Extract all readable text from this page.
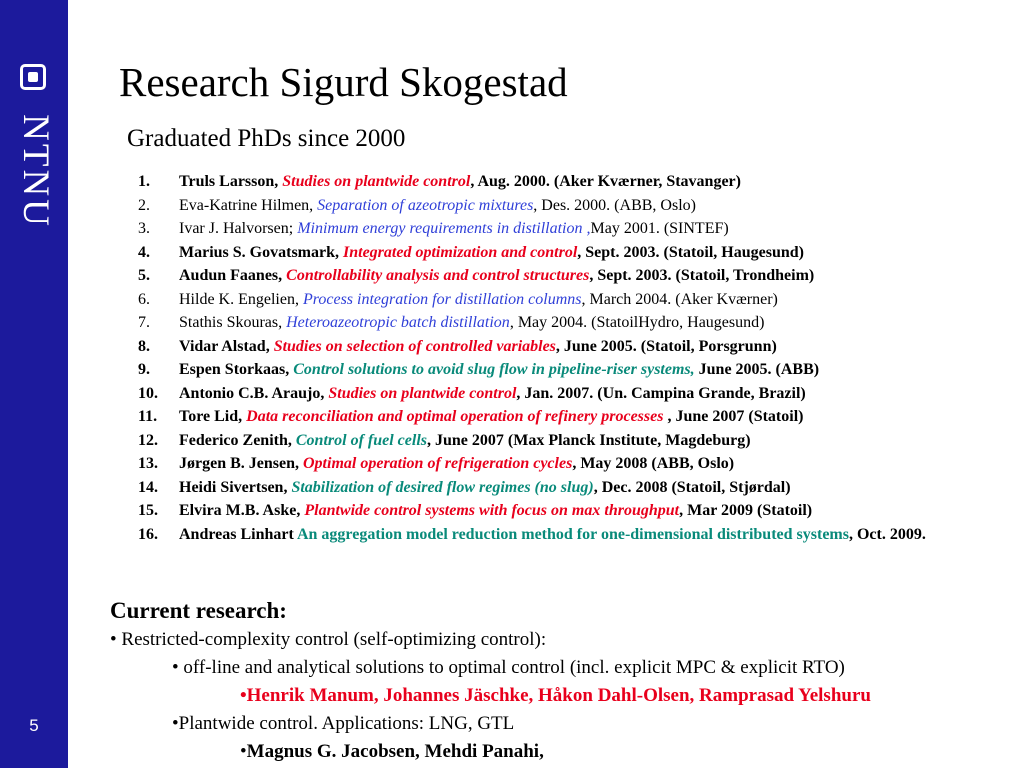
NTNU
5
Research Sigurd Skogestad
Graduated PhDs since 2000
1. Truls Larsson, Studies on plantwide control, Aug. 2000. (Aker Kværner, Stavanger)
2. Eva-Katrine Hilmen, Separation of azeotropic mixtures, Des. 2000. (ABB, Oslo)
3. Ivar J. Halvorsen; Minimum energy requirements in distillation ,May 2001. (SINTEF)
4. Marius S. Govatsmark, Integrated optimization and control, Sept. 2003. (Statoil, Haugesund)
5. Audun Faanes, Controllability analysis and control structures, Sept. 2003. (Statoil, Trondheim)
6. Hilde K. Engelien, Process integration for distillation columns, March 2004. (Aker Kværner)
7. Stathis Skouras, Heteroazeotropic batch distillation, May 2004. (StatoilHydro, Haugesund)
8. Vidar Alstad, Studies on selection of controlled variables, June 2005. (Statoil, Porsgrunn)
9. Espen Storkaas, Control solutions to avoid slug flow in pipeline-riser systems, June 2005. (ABB)
10. Antonio C.B. Araujo, Studies on plantwide control, Jan. 2007. (Un. Campina Grande, Brazil)
11. Tore Lid, Data reconciliation and optimal operation of refinery processes , June 2007 (Statoil)
12. Federico Zenith, Control of fuel cells, June 2007 (Max Planck Institute, Magdeburg)
13. Jørgen B. Jensen, Optimal operation of refrigeration cycles, May 2008 (ABB, Oslo)
14. Heidi Sivertsen, Stabilization of desired flow regimes (no slug), Dec. 2008 (Statoil, Stjørdal)
15. Elvira M.B. Aske, Plantwide control systems with focus on max throughput, Mar 2009 (Statoil)
16. Andreas Linhart An aggregation model reduction method for one-dimensional distributed systems, Oct. 2009.
Current research:
• Restricted-complexity control (self-optimizing control):
• off-line and analytical solutions to optimal control (incl. explicit MPC & explicit RTO)
•Henrik Manum, Johannes Jäschke, Håkon Dahl-Olsen, Ramprasad Yelshuru
•Plantwide control. Applications: LNG, GTL
•Magnus G. Jacobsen, Mehdi Panahi,
